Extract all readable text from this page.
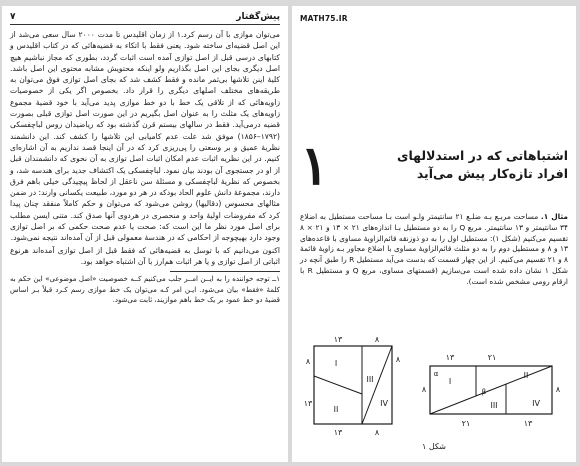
پیش‌گفتار
۷

می‌توان موازی با آن رسم کرد.۱ از زمان اقلیدس تا مدت ۲۰۰۰ سال سعی می‌شد از این اصل قضیه‌ای ساخته شود. یعنی فقط با اتکاء به قضیه‌هائی که در کتاب اقلیدس و کتابهای درسی قبل از اصل توازی آمده است اثبات گردد، بطوری که مجاز نباشیم هیچ اصل دیگری بجای این اصل بگذاریم ولو اینکه محتویش مشابه محتوی این اصل باشد. کلیهٔ اینن تلاشها بی‌ثمر مانده و فقط کشف شد که بجای اصل توازی فوق می‌توان به طریقه‌های مختلف اصلهای دیگری را قرار داد. بخصوص اگر یکی از خصوصیات زاویه‌هائی که از تلاقی یک خط با دو خط موازی پدید می‌آید با خود قضیهٔ مجموع زاویه‌های یک مثلث را به عنوان اصل بگیریم در این صورت اصل توازی قبلی بصورت قضیه درمی‌آید. فقط در سالهای بیستم قرن گذشته بود که ریاضیدان روس لباچفسکی (۱۷۹۲–۱۸۵۶) موفق شد علت عدم کامیابی این تلاشها را کشف کند. این دانشمند نظریهٔ عمیق و بر وسعتی را پی‌ریزی کرد که در آن اینجا قصد نداریم به آن اشاره‌ای کنیم. در این نظریه اثبات عدم امکان اثبات اصل توازی به آن نحوی که دانشمندان قبل از او در جستجوی آن بودند بیان نمود. لباچفسکی یک اکتشاف جدید برای هندسه شد، و بخصوص که نظریهٔ لباچفسکی و مسئلهٔ سن ناعقل از لحاظ پیچیدگی خیلی باهم فرق دارند، مجموعهٔ دانش علوم الحاد بودکه در هر دو مورد، طبیعت یکسانی وارند: در ضمن مثالهای محسوس (دقالیها) روشن می‌شود که می‌توان و حکم کاملاً منفقد چنان پیدا کرد که مفروضات اولیهٔ واحد و منحصری در هردوی آنها صدق کند. متنی ایسن مطلب برای اصل مورد نظر ما این است که: صحت یا عدم صحت حکمی که بر اصل توازی وجود دارد بهیچوجه از احکامی که در هندسهٔ معمولی قبل از آن آمده‌اند نتیجه نمی‌شود.

اکنون می‌دانیم که با توسل به قضیه‌هائی که فقط قبل از اصل توازی آمده‌اند هرنوع اثباتی از اصل توازی و یا هر اثبات هم‌ارز با آن اشتباه خواهد بود.

۱ــ توجه خواننده را به ایــن امــر جلب می‌کنیم کــه خصوصیت «اصل موضوعی» این حکم به کلمهٔ «فقط» بیان می‌شود. ایـن امر کـه می‌توان یک خط موازی رسم کـرد قبلاً بـر اساس قضیهٔ دو خط عمود بر یک خط باهم موازیند، ثابت می‌شود.

MATH75.IR
اشتباهاتی که در استدلالهای
افراد تازه‌کار پیش می‌آید
۱

مثال ۱. مساحت مربـع بـه ضلـع ۲۱ سانتیمتر واـو است بـا مساحت مستطیل به اضلاع ۳۴ سانتیمتر و ۱۳ سانتیمتر. مربع Q را به دو مستطیل بـا اندازه‌های ۲۱ × ۱۳ و ۲۱ × ۸ تقسیم می‌کنیم (شکل ۱): مستطیل اول را به دو ذوزنقه قائم‌الزاویهٔ مساوی با قاعده‌های ۱۳ و ۸ و مستطیل دوم را به دو مثلث قائم‌الزاویهٔ مساوی با اضلاع مجاور بـه زاویهٔ قائمهٔ ۸ و ۲۱ تقسیم می‌کنیم. از این چهار قسمت که بدست می‌آید مستطیل R را طبق آنچه در شکل ۱ نشان داده شده است می‌سازیم (قسمتهای مساوی، مربع Q و مستطیل R با ارقام رومی مشخص شده است).

۱۳	۸
۱۳	۸
۸	۸
۱۳
I
II
III
IV
۲۱
۱۳
۸
۲۱	۱۳
α
β
I
II
III	IV
۸
شکل ۱
